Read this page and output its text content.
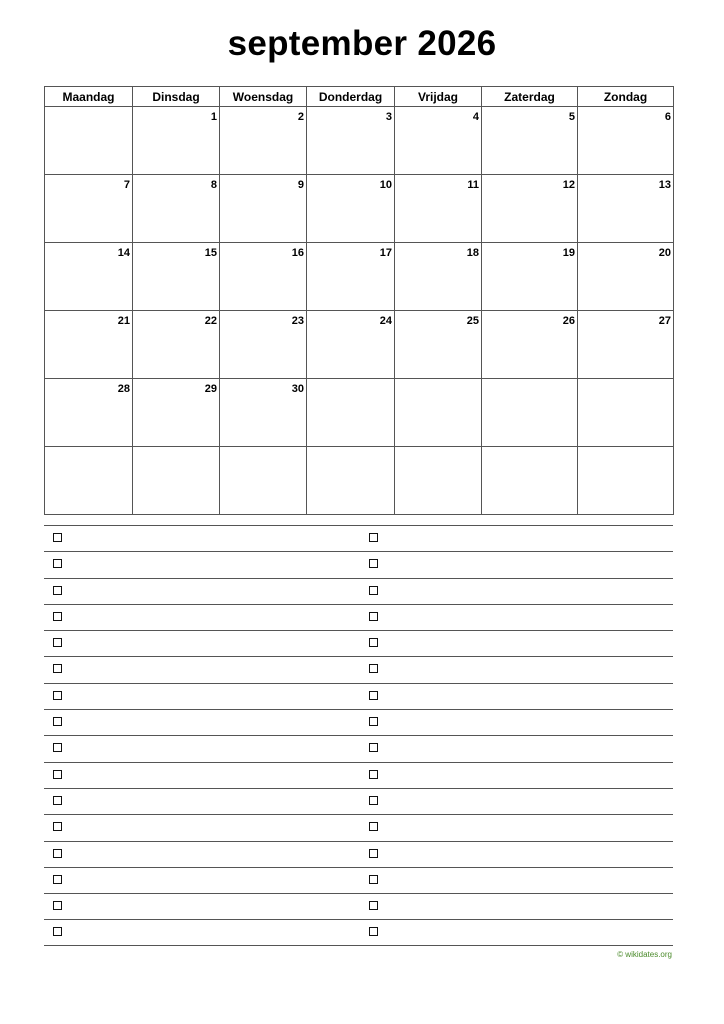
september 2026
Maandag	Dinsdag	Woensdag	Donderdag	Vrijdag	Zaterdag	Zondag
	1	2	3	4	5	6
7	8	9	10	11	12	13
14	15	16	17	18	19	20
21	22	23	24	25	26	27
28	29	30				

© wikidates.org
